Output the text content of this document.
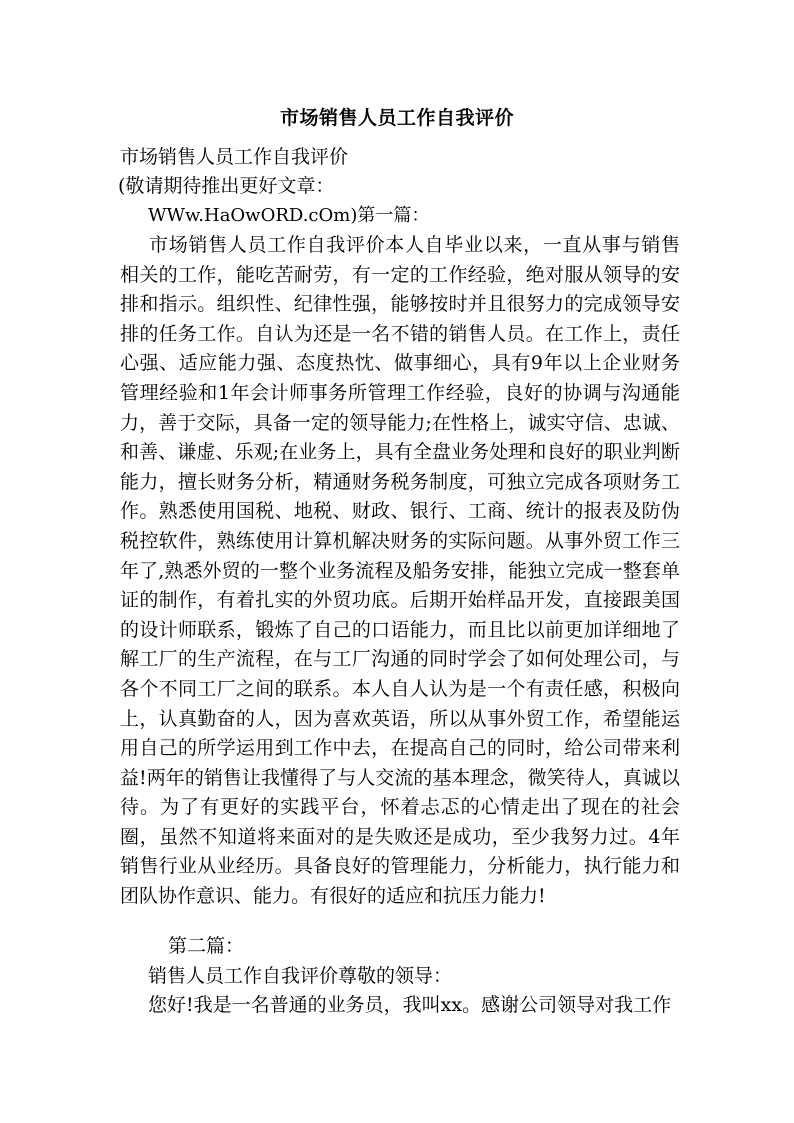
市场销售人员工作自我评价
市场销售人员工作自我评价
(敬请期待推出更好文章：
WWw.HaOwORD.cOm)第一篇：
市场销售人员工作自我评价本人自毕业以来，一直从事与销售相关的工作，能吃苦耐劳，有一定的工作经验，绝对服从领导的安排和指示。组织性、纪律性强，能够按时并且很努力的完成领导安排的任务工作。自认为还是一名不错的销售人员。在工作上，责任心强、适应能力强、态度热忱、做事细心，具有9年以上企业财务管理经验和1年会计师事务所管理工作经验，良好的协调与沟通能力，善于交际，具备一定的领导能力;在性格上，诚实守信、忠诚、和善、谦虚、乐观;在业务上，具有全盘业务处理和良好的职业判断能力，擅长财务分析，精通财务税务制度，可独立完成各项财务工作。熟悉使用国税、地税、财政、银行、工商、统计的报表及防伪税控软件，熟练使用计算机解决财务的实际问题。从事外贸工作三年了,熟悉外贸的一整个业务流程及船务安排，能独立完成一整套单证的制作，有着扎实的外贸功底。后期开始样品开发，直接跟美国的设计师联系，锻炼了自己的口语能力，而且比以前更加详细地了解工厂的生产流程，在与工厂沟通的同时学会了如何处理公司，与各个不同工厂之间的联系。本人自人认为是一个有责任感，积极向上，认真勤奋的人，因为喜欢英语，所以从事外贸工作，希望能运用自己的所学运用到工作中去，在提高自己的同时，给公司带来利益!两年的销售让我懂得了与人交流的基本理念，微笑待人，真诚以待。为了有更好的实践平台，怀着忐忑的心情走出了现在的社会圈，虽然不知道将来面对的是失败还是成功，至少我努力过。4年销售行业从业经历。具备良好的管理能力，分析能力，执行能力和团队协作意识、能力。有很好的适应和抗压力能力!
第二篇：
销售人员工作自我评价尊敬的领导：
您好!我是一名普通的业务员，我叫xx。感谢公司领导对我工作
